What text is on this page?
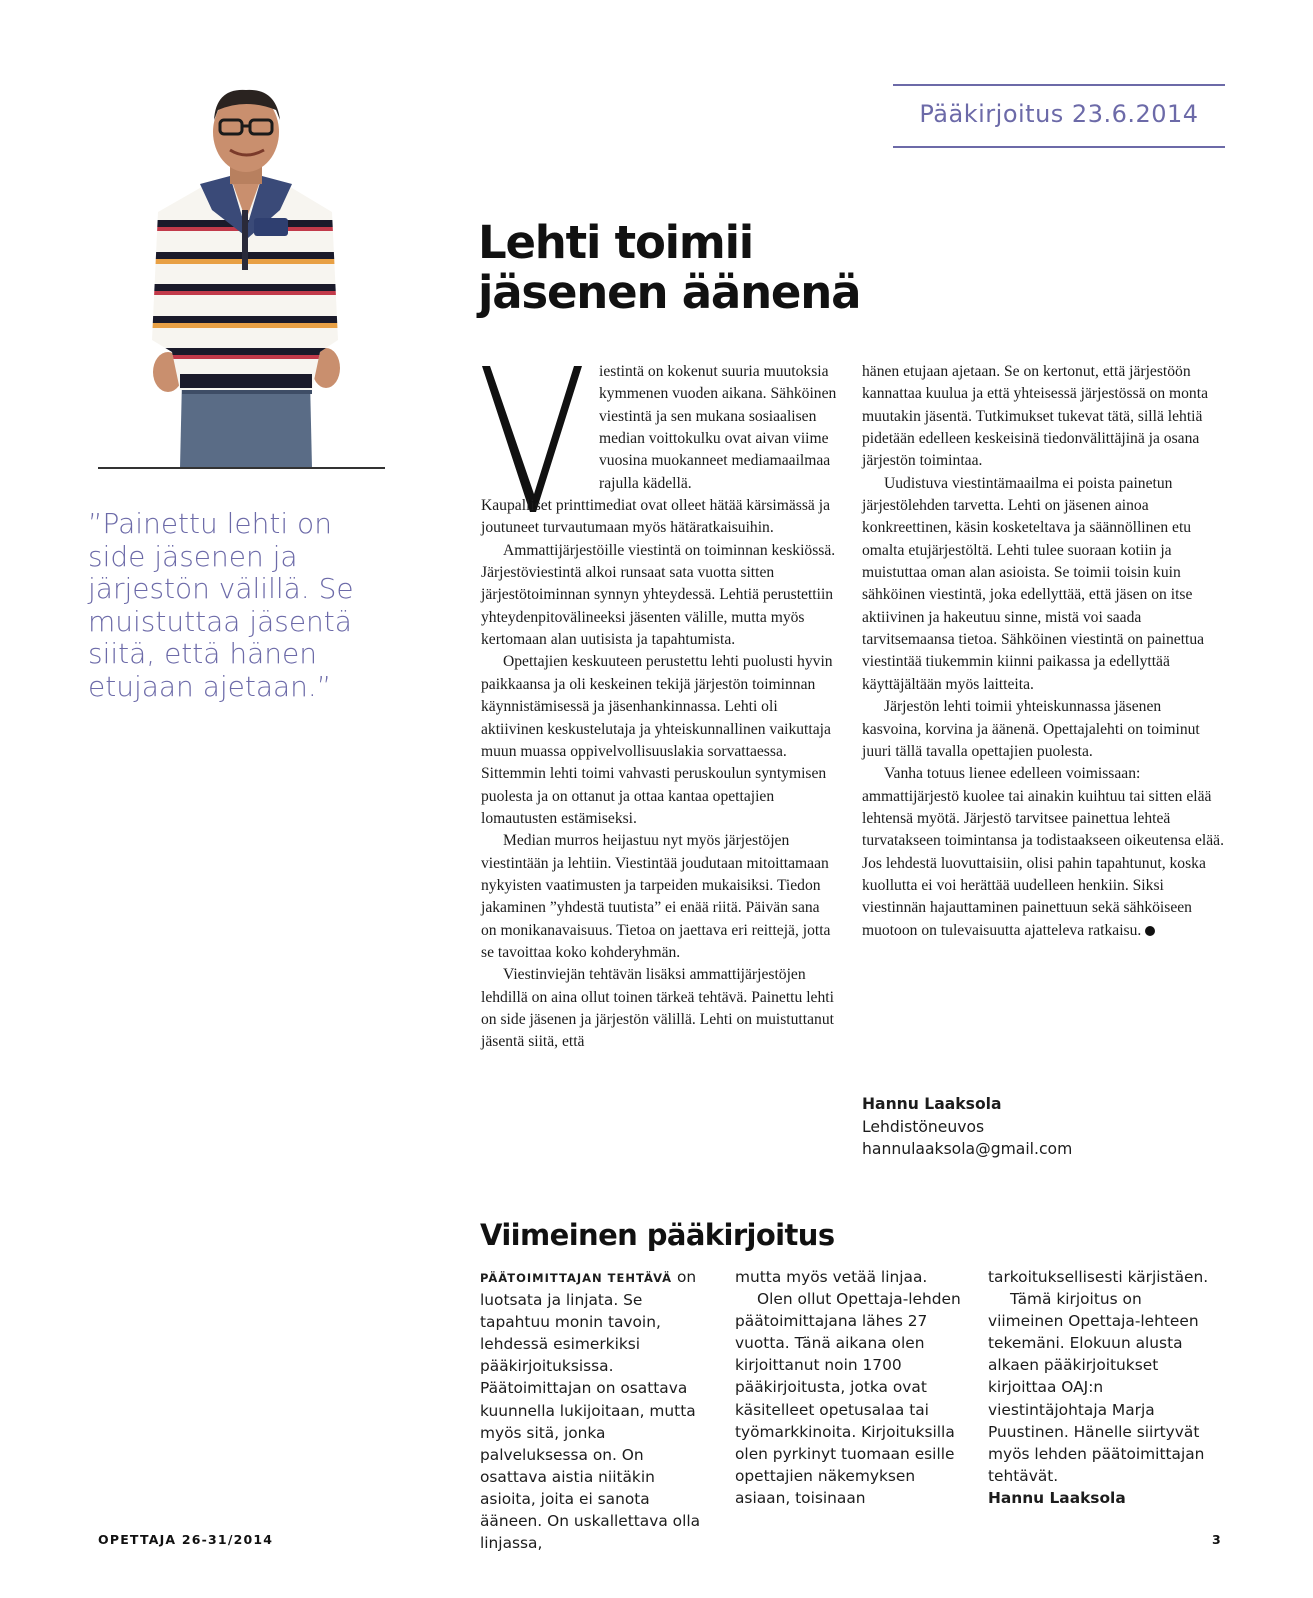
Pääkirjoitus 23.6.2014
”Painettu lehti on side jäsenen ja järjestön välillä. Se muistuttaa jäsentä siitä, että hänen etujaan ajetaan.”
Lehti toimii
jäsenen äänenä

iestintä on kokenut suuria muutoksia kymmenen vuoden aikana. Sähköinen viestintä ja sen mukana sosiaalisen median voittokulku ovat aivan viime vuosina muokanneet mediamaailmaa rajulla kädellä.

Kaupalliset printtimediat ovat olleet hätää kärsimässä ja joutuneet turvautumaan myös hätäratkaisuihin.

Ammattijärjestöille viestintä on toiminnan keskiössä. Järjestöviestintä alkoi runsaat sata vuotta sitten järjestötoiminnan synnyn yhteydessä. Lehtiä perustettiin yhteydenpitovälineeksi jäsenten välille, mutta myös kertomaan alan uutisista ja tapahtumista.

Opettajien keskuuteen perustettu lehti puolusti hyvin paikkaansa ja oli keskeinen tekijä järjestön toiminnan käynnistämisessä ja jäsenhankinnassa. Lehti oli aktiivinen keskustelutaja ja yhteiskunnallinen vaikuttaja muun muassa oppivelvollisuuslakia sorvattaessa. Sittemmin lehti toimi vahvasti peruskoulun syntymisen puolesta ja on ottanut ja ottaa kantaa opettajien lomautusten estämiseksi.

Median murros heijastuu nyt myös järjestöjen viestintään ja lehtiin. Viestintää joudutaan mitoittamaan nykyisten vaatimusten ja tarpeiden mukaisiksi. Tiedon jakaminen ”yhdestä tuutista” ei enää riitä. Päivän sana on monikanavaisuus. Tietoa on jaettava eri reittejä, jotta se tavoittaa koko kohderyhmän.

Viestinviejän tehtävän lisäksi ammattijärjestöjen lehdillä on aina ollut toinen tärkeä tehtävä. Painettu lehti on side jäsenen ja järjestön välillä. Lehti on muistuttanut jäsentä siitä, että

hänen etujaan ajetaan. Se on kertonut, että järjestöön kannattaa kuulua ja että yhteisessä järjestössä on monta muutakin jäsentä. Tutkimukset tukevat tätä, sillä lehtiä pidetään edelleen keskeisinä tiedonvälittäjinä ja osana järjestön toimintaa.

Uudistuva viestintämaailma ei poista painetun järjestölehden tarvetta. Lehti on jäsenen ainoa konkreettinen, käsin kosketeltava ja säännöllinen etu omalta etujärjestöltä. Lehti tulee suoraan kotiin ja muistuttaa oman alan asioista. Se toimii toisin kuin sähköinen viestintä, joka edellyttää, että jäsen on itse aktiivinen ja hakeutuu sinne, mistä voi saada tarvitsemaansa tietoa. Sähköinen viestintä on painettua viestintää tiukemmin kiinni paikassa ja edellyttää käyttäjältään myös laitteita.

Järjestön lehti toimii yhteiskunnassa jäsenen kasvoina, korvina ja äänenä. Opettajalehti on toiminut juuri tällä tavalla opettajien puolesta.

Vanha totuus lienee edelleen voimissaan: ammattijärjestö kuolee tai ainakin kuihtuu tai sitten elää lehtensä myötä. Järjestö tarvitsee painettua lehteä turvatakseen toimintansa ja todistaakseen oikeutensa elää. Jos lehdestä luovuttaisiin, olisi pahin tapahtunut, koska kuollutta ei voi herättää uudelleen henkiin. Siksi viestinnän hajauttaminen painettuun sekä sähköiseen muotoon on tulevaisuutta ajatteleva ratkaisu.

Hannu Laaksola
Lehdistöneuvos
hannulaaksola@gmail.com
Viimeinen pääkirjoitus

PÄÄTOIMITTAJAN TEHTÄVÄ on luotsata ja linjata. Se tapahtuu monin tavoin, lehdessä esimerkiksi pääkirjoituksissa. Päätoimittajan on osattava kuunnella lukijoitaan, mutta myös sitä, jonka palveluksessa on. On osattava aistia niitäkin asioita, joita ei sanota ääneen. On uskallettava olla linjassa,

mutta myös vetää linjaa.

Olen ollut Opettaja-lehden päätoimittajana lähes 27 vuotta. Tänä aikana olen kirjoittanut noin 1700 pääkirjoitusta, jotka ovat käsitelleet opetusalaa tai työmarkkinoita. Kirjoituksilla olen pyrkinyt tuomaan esille opettajien näkemyksen asiaan, toisinaan

tarkoituksellisesti kärjistäen.

Tämä kirjoitus on viimeinen Opettaja-lehteen tekemäni. Elokuun alusta alkaen pääkirjoitukset kirjoittaa OAJ:n viestintäjohtaja Marja Puustinen. Hänelle siirtyvät myös lehden päätoimittajan tehtävät.

Hannu Laaksola

OPETTAJA 26-31/2014	3
